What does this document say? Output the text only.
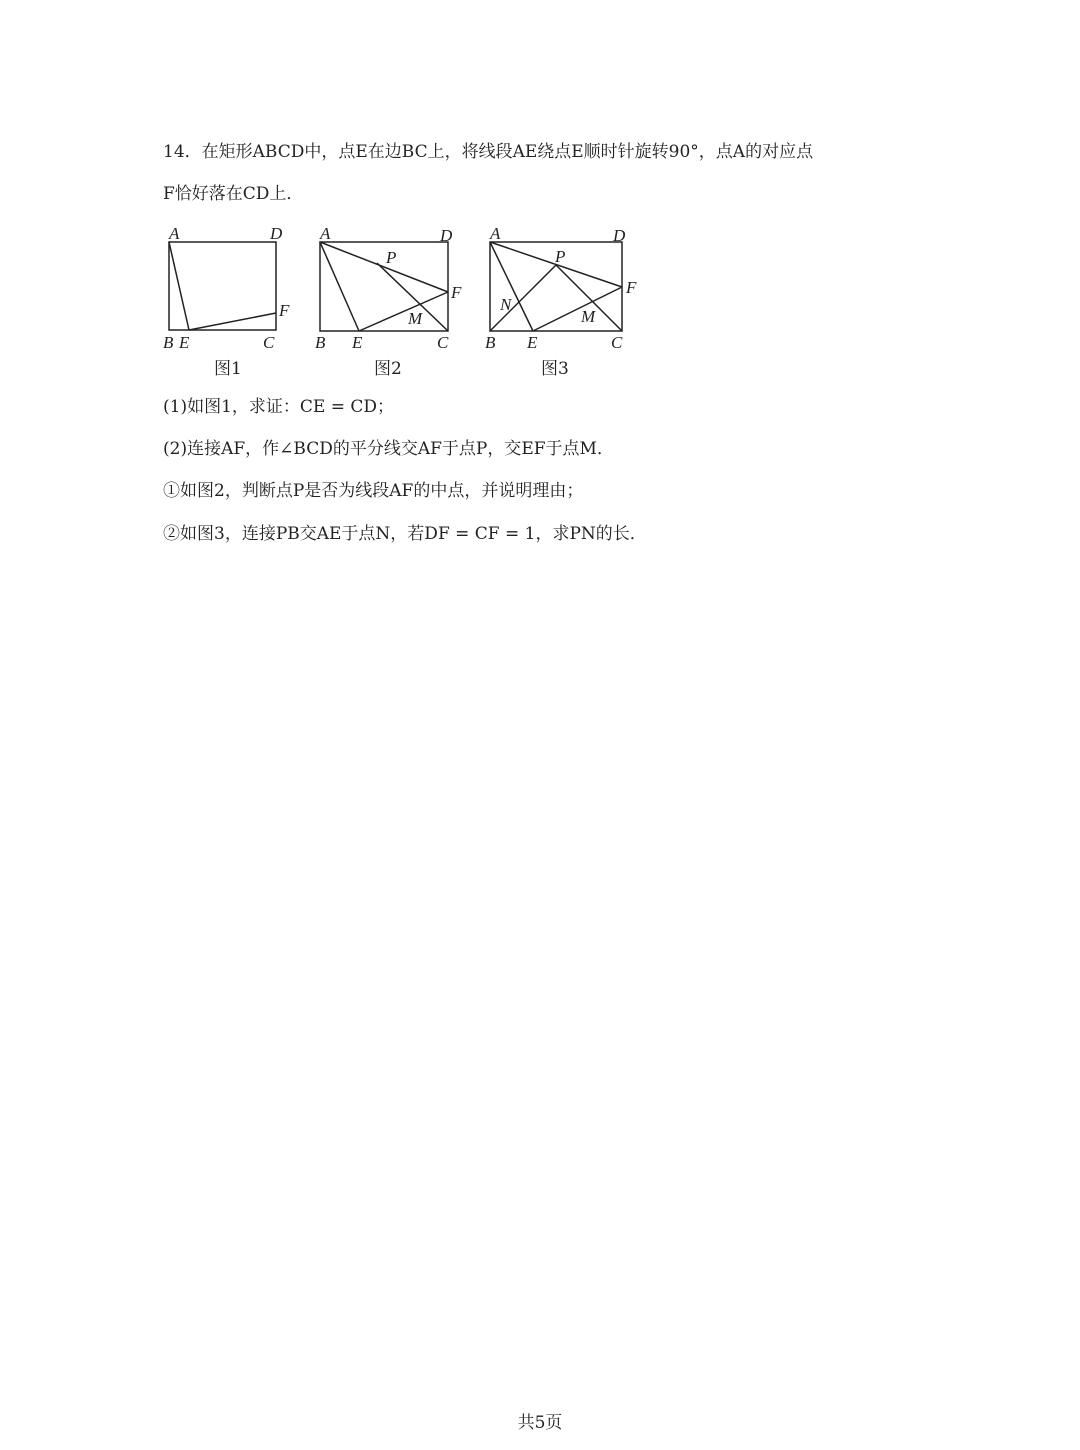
14．在矩形ABCD中，点E在边BC上，将线段AE绕点E顺时针旋转90°，点A的对应点
F恰好落在CD上．
A	D
F
B E	C
图1
A	D
P
F
M
B E	C
图2
A	D
P
N
F
M
B E	C
图3
(1)如图1，求证：CE = CD；
(2)连接AF，作∠BCD的平分线交AF于点P，交EF于点M．
①如图2，判断点P是否为线段AF的中点，并说明理由；
②如图3，连接PB交AE于点N，若DF = CF = 1，求PN的长．
共5页
